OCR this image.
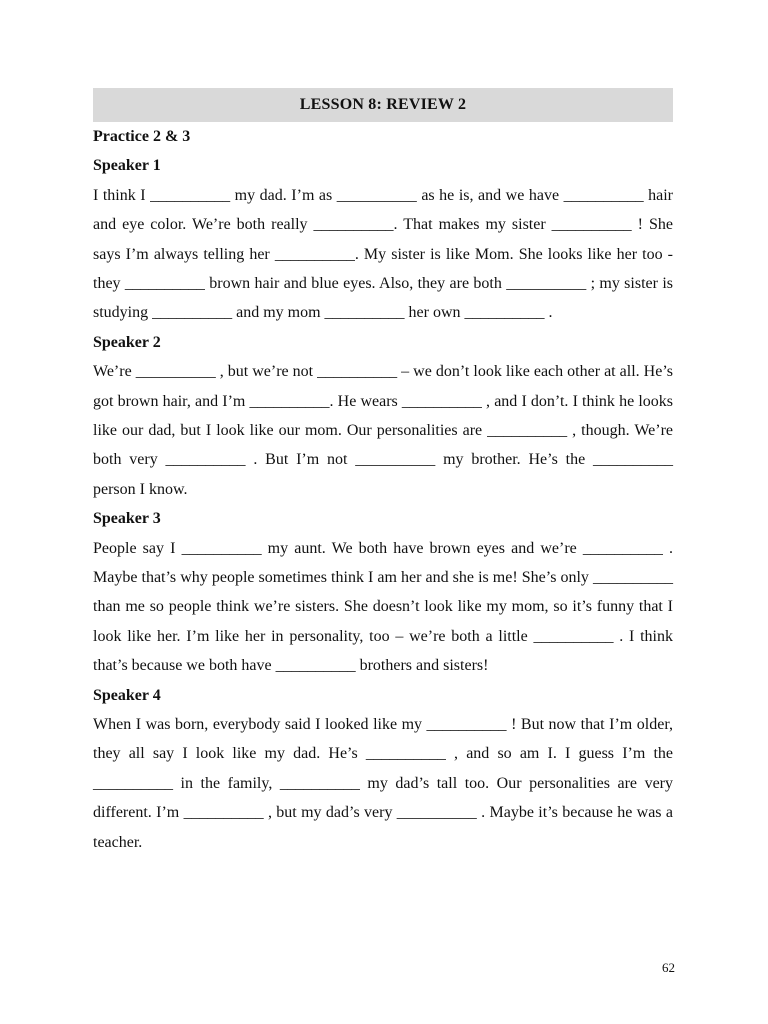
LESSON 8: REVIEW 2
Practice 2 & 3
Speaker 1

I think I __________ my dad. I’m as __________ as he is, and we have __________ hair and eye color. We’re both really __________. That makes my sister __________ ! She says I’m always telling her __________. My sister is like Mom. She looks like her too - they __________ brown hair and blue eyes. Also, they are both __________ ; my sister is studying __________ and my mom __________ her own __________ .

Speaker 2

We’re __________ , but we’re not __________ – we don’t look like each other at all. He’s got brown hair, and I’m __________. He wears __________ , and I don’t. I think he looks like our dad, but I look like our mom. Our personalities are __________ , though. We’re both very __________ . But I’m not __________ my brother. He’s the __________ person I know.

Speaker 3

People say I __________ my aunt. We both have brown eyes and we’re __________ . Maybe that’s why people sometimes think I am her and she is me! She’s only __________ than me so people think we’re sisters. She doesn’t look like my mom, so it’s funny that I look like her. I’m like her in personality, too – we’re both a little __________ . I think that’s because we both have __________ brothers and sisters!

Speaker 4

When I was born, everybody said I looked like my __________ ! But now that I’m older, they all say I look like my dad. He’s __________ , and so am I. I guess I’m the __________ in the family, __________ my dad’s tall too. Our personalities are very different. I’m __________ , but my dad’s very __________ . Maybe it’s because he was a teacher.

62
